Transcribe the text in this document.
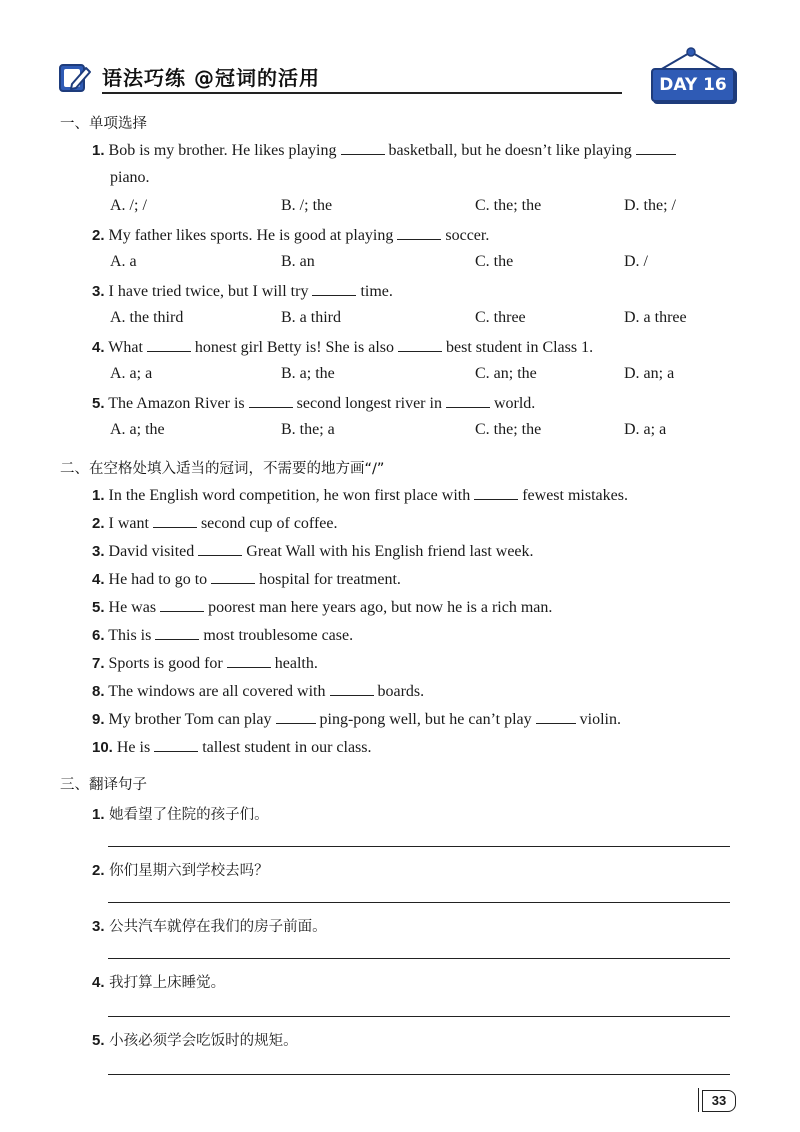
语法巧练 @冠词的活用	DAY 16
一、单项选择
1. Bob is my brother. He likes playing	basketball, but he doesn’t like playing
piano.
A. /; /	B. /; the	C. the; the	D. the; /
2. My father likes sports. He is good at playing	soccer.
A. a	B. an	C. the	D. /
3. I have tried twice, but I will try	time.
A. the third	B. a third	C. three	D. a three
4. What	honest girl Betty is! She is also	best student in Class 1.
A. a; a	B. a; the	C. an; the	D. an; a
5. The Amazon River is	second longest river in	world.
A. a; the	B. the; a	C. the; the	D. a; a
二、在空格处填入适当的冠词，不需要的地方画“/”
1. In the English word competition, he won first place with	fewest mistakes.
2. I want	second cup of coffee.
3. David visited	Great Wall with his English friend last week.
4. He had to go to	hospital for treatment.
5. He was	poorest man here years ago, but now he is a rich man.
6. This is	most troublesome case.
7. Sports is good for	health.
8. The windows are all covered with	boards.
9. My brother Tom can play	ping-pong well, but he can’t play	violin.
10. He is	tallest student in our class.
三、翻译句子
1. 她看望了住院的孩子们。
2. 你们星期六到学校去吗？
3. 公共汽车就停在我们的房子前面。
4. 我打算上床睡觉。
5. 小孩必须学会吃饭时的规矩。
33
